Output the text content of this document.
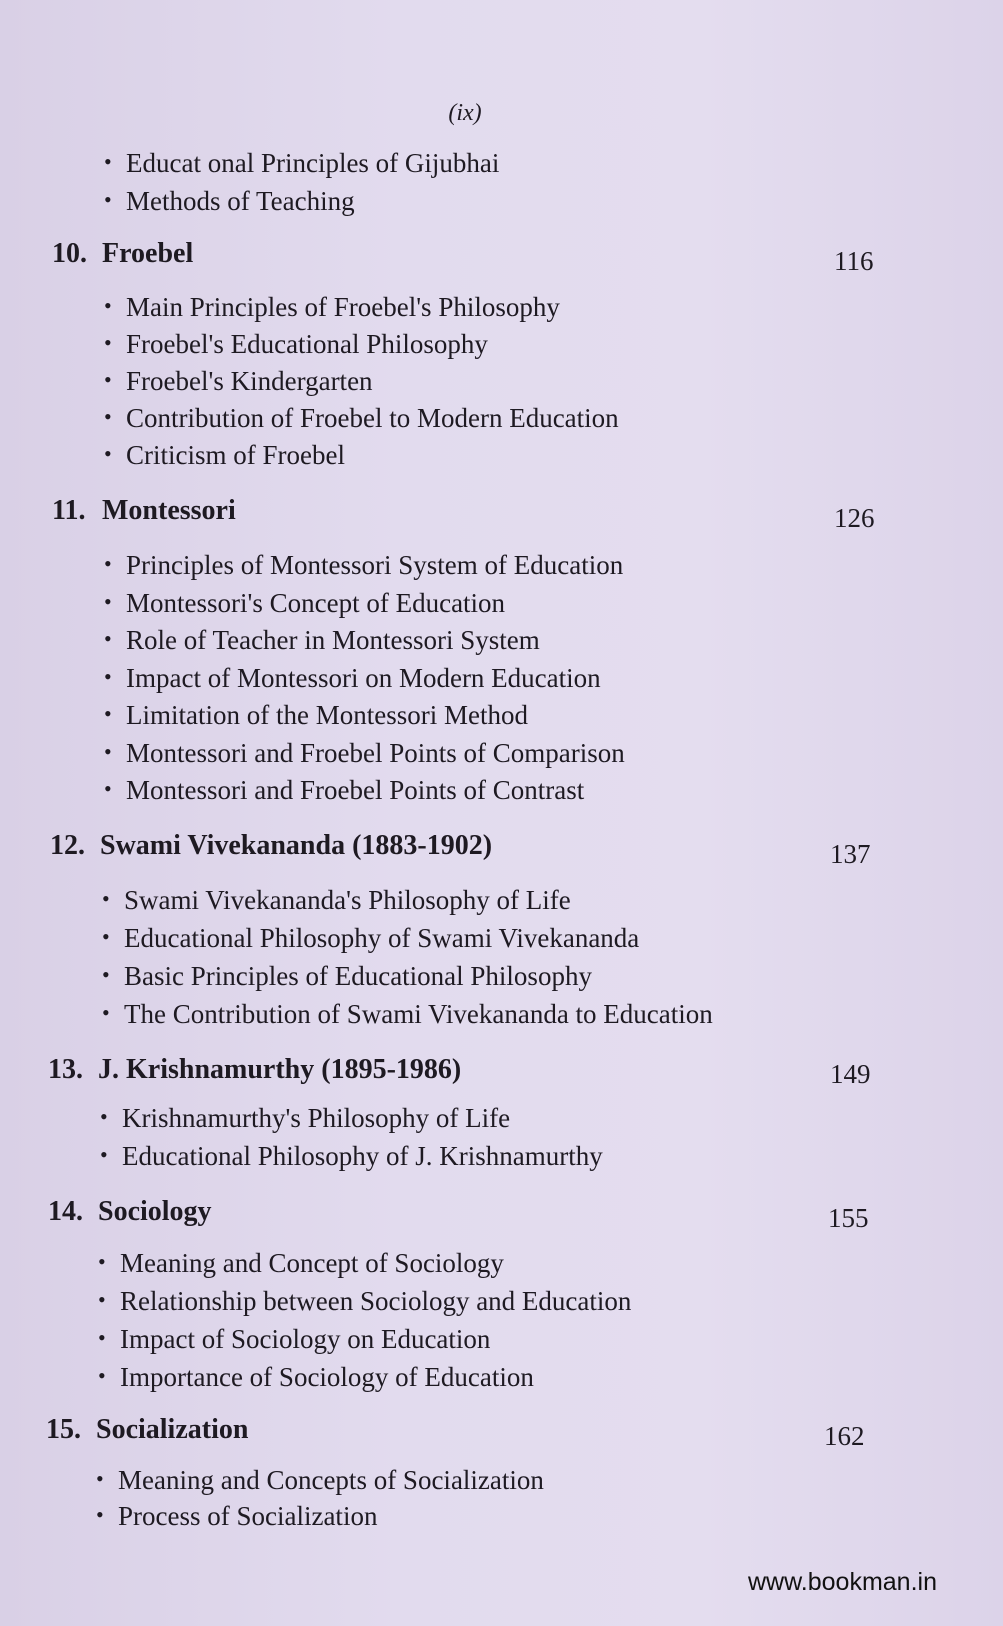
(ix)
• Educat onal Principles of Gijubhai
• Methods of Teaching
10. Froebel	116
• Main Principles of Froebel's Philosophy
• Froebel's Educational Philosophy
• Froebel's Kindergarten
• Contribution of Froebel to Modern Education
• Criticism of Froebel
11. Montessori	126
• Principles of Montessori System of Education
• Montessori's Concept of Education
• Role of Teacher in Montessori System
• Impact of Montessori on Modern Education
• Limitation of the Montessori Method
• Montessori and Froebel Points of Comparison
• Montessori and Froebel Points of Contrast
12. Swami Vivekananda (1883-1902)	137
• Swami Vivekananda's Philosophy of Life
• Educational Philosophy of Swami Vivekananda
• Basic Principles of Educational Philosophy
• The Contribution of Swami Vivekananda to Education
13. J. Krishnamurthy (1895-1986)	149
• Krishnamurthy's Philosophy of Life
• Educational Philosophy of J. Krishnamurthy
14. Sociology	155
• Meaning and Concept of Sociology
• Relationship between Sociology and Education
• Impact of Sociology on Education
• Importance of Sociology of Education
15. Socialization	162
• Meaning and Concepts of Socialization
• Process of Socialization
www.bookman.in
